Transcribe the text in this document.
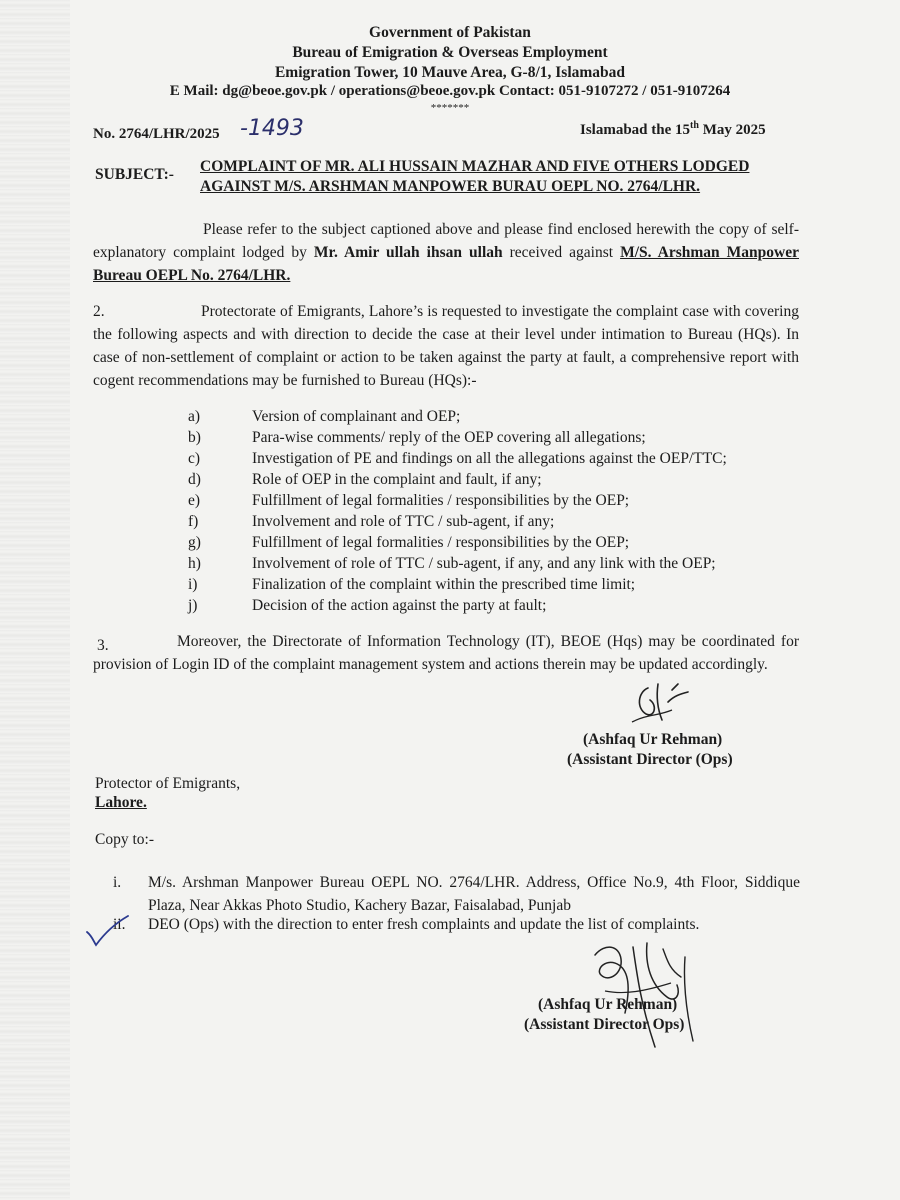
Government of Pakistan
Bureau of Emigration & Overseas Employment
Emigration Tower, 10 Mauve Area, G-8/1, Islamabad
E Mail: dg@beoe.gov.pk / operations@beoe.gov.pk Contact: 051-9107272 / 051-9107264
*******
No. 2764/LHR/2025 -1493	Islamabad the 15th May 2025
SUBJECT:- COMPLAINT OF MR. ALI HUSSAIN MAZHAR AND FIVE OTHERS LODGED
AGAINST M/S. ARSHMAN MANPOWER BURAU OEPL NO. 2764/LHR.
Please refer to the subject captioned above and please find enclosed herewith the copy of self-explanatory complaint lodged by Mr. Amir ullah ihsan ullah received against M/S. Arshman Manpower Bureau OEPL No. 2764/LHR.
2.	Protectorate of Emigrants, Lahore’s is requested to investigate the complaint case with covering the following aspects and with direction to decide the case at their level under intimation to Bureau (HQs). In case of non-settlement of complaint or action to be taken against the party at fault, a comprehensive report with cogent recommendations may be furnished to Bureau (HQs):-
a)	Version of complainant and OEP;
b)	Para-wise comments/ reply of the OEP covering all allegations;
c)	Investigation of PE and findings on all the allegations against the OEP/TTC;
d)	Role of OEP in the complaint and fault, if any;
e)	Fulfillment of legal formalities / responsibilities by the OEP;
f)	Involvement and role of TTC / sub-agent, if any;
g)	Fulfillment of legal formalities / responsibilities by the OEP;
h)	Involvement of role of TTC / sub-agent, if any, and any link with the OEP;
i)	Finalization of the complaint within the prescribed time limit;
j)	Decision of the action against the party at fault;
3.	Moreover, the Directorate of Information Technology (IT), BEOE (Hqs) may be coordinated for provision of Login ID of the complaint management system and actions therein may be updated accordingly.
(Ashfaq Ur Rehman)
(Assistant Director (Ops)
Protector of Emigrants,
Lahore.
Copy to:-
i. M/s. Arshman Manpower Bureau OEPL NO. 2764/LHR. Address, Office No.9, 4th Floor, Siddique Plaza, Near Akkas Photo Studio, Kachery Bazar, Faisalabad, Punjab
ii. DEO (Ops) with the direction to enter fresh complaints and update the list of complaints.
(Ashfaq Ur Rehman)
(Assistant Director Ops)
